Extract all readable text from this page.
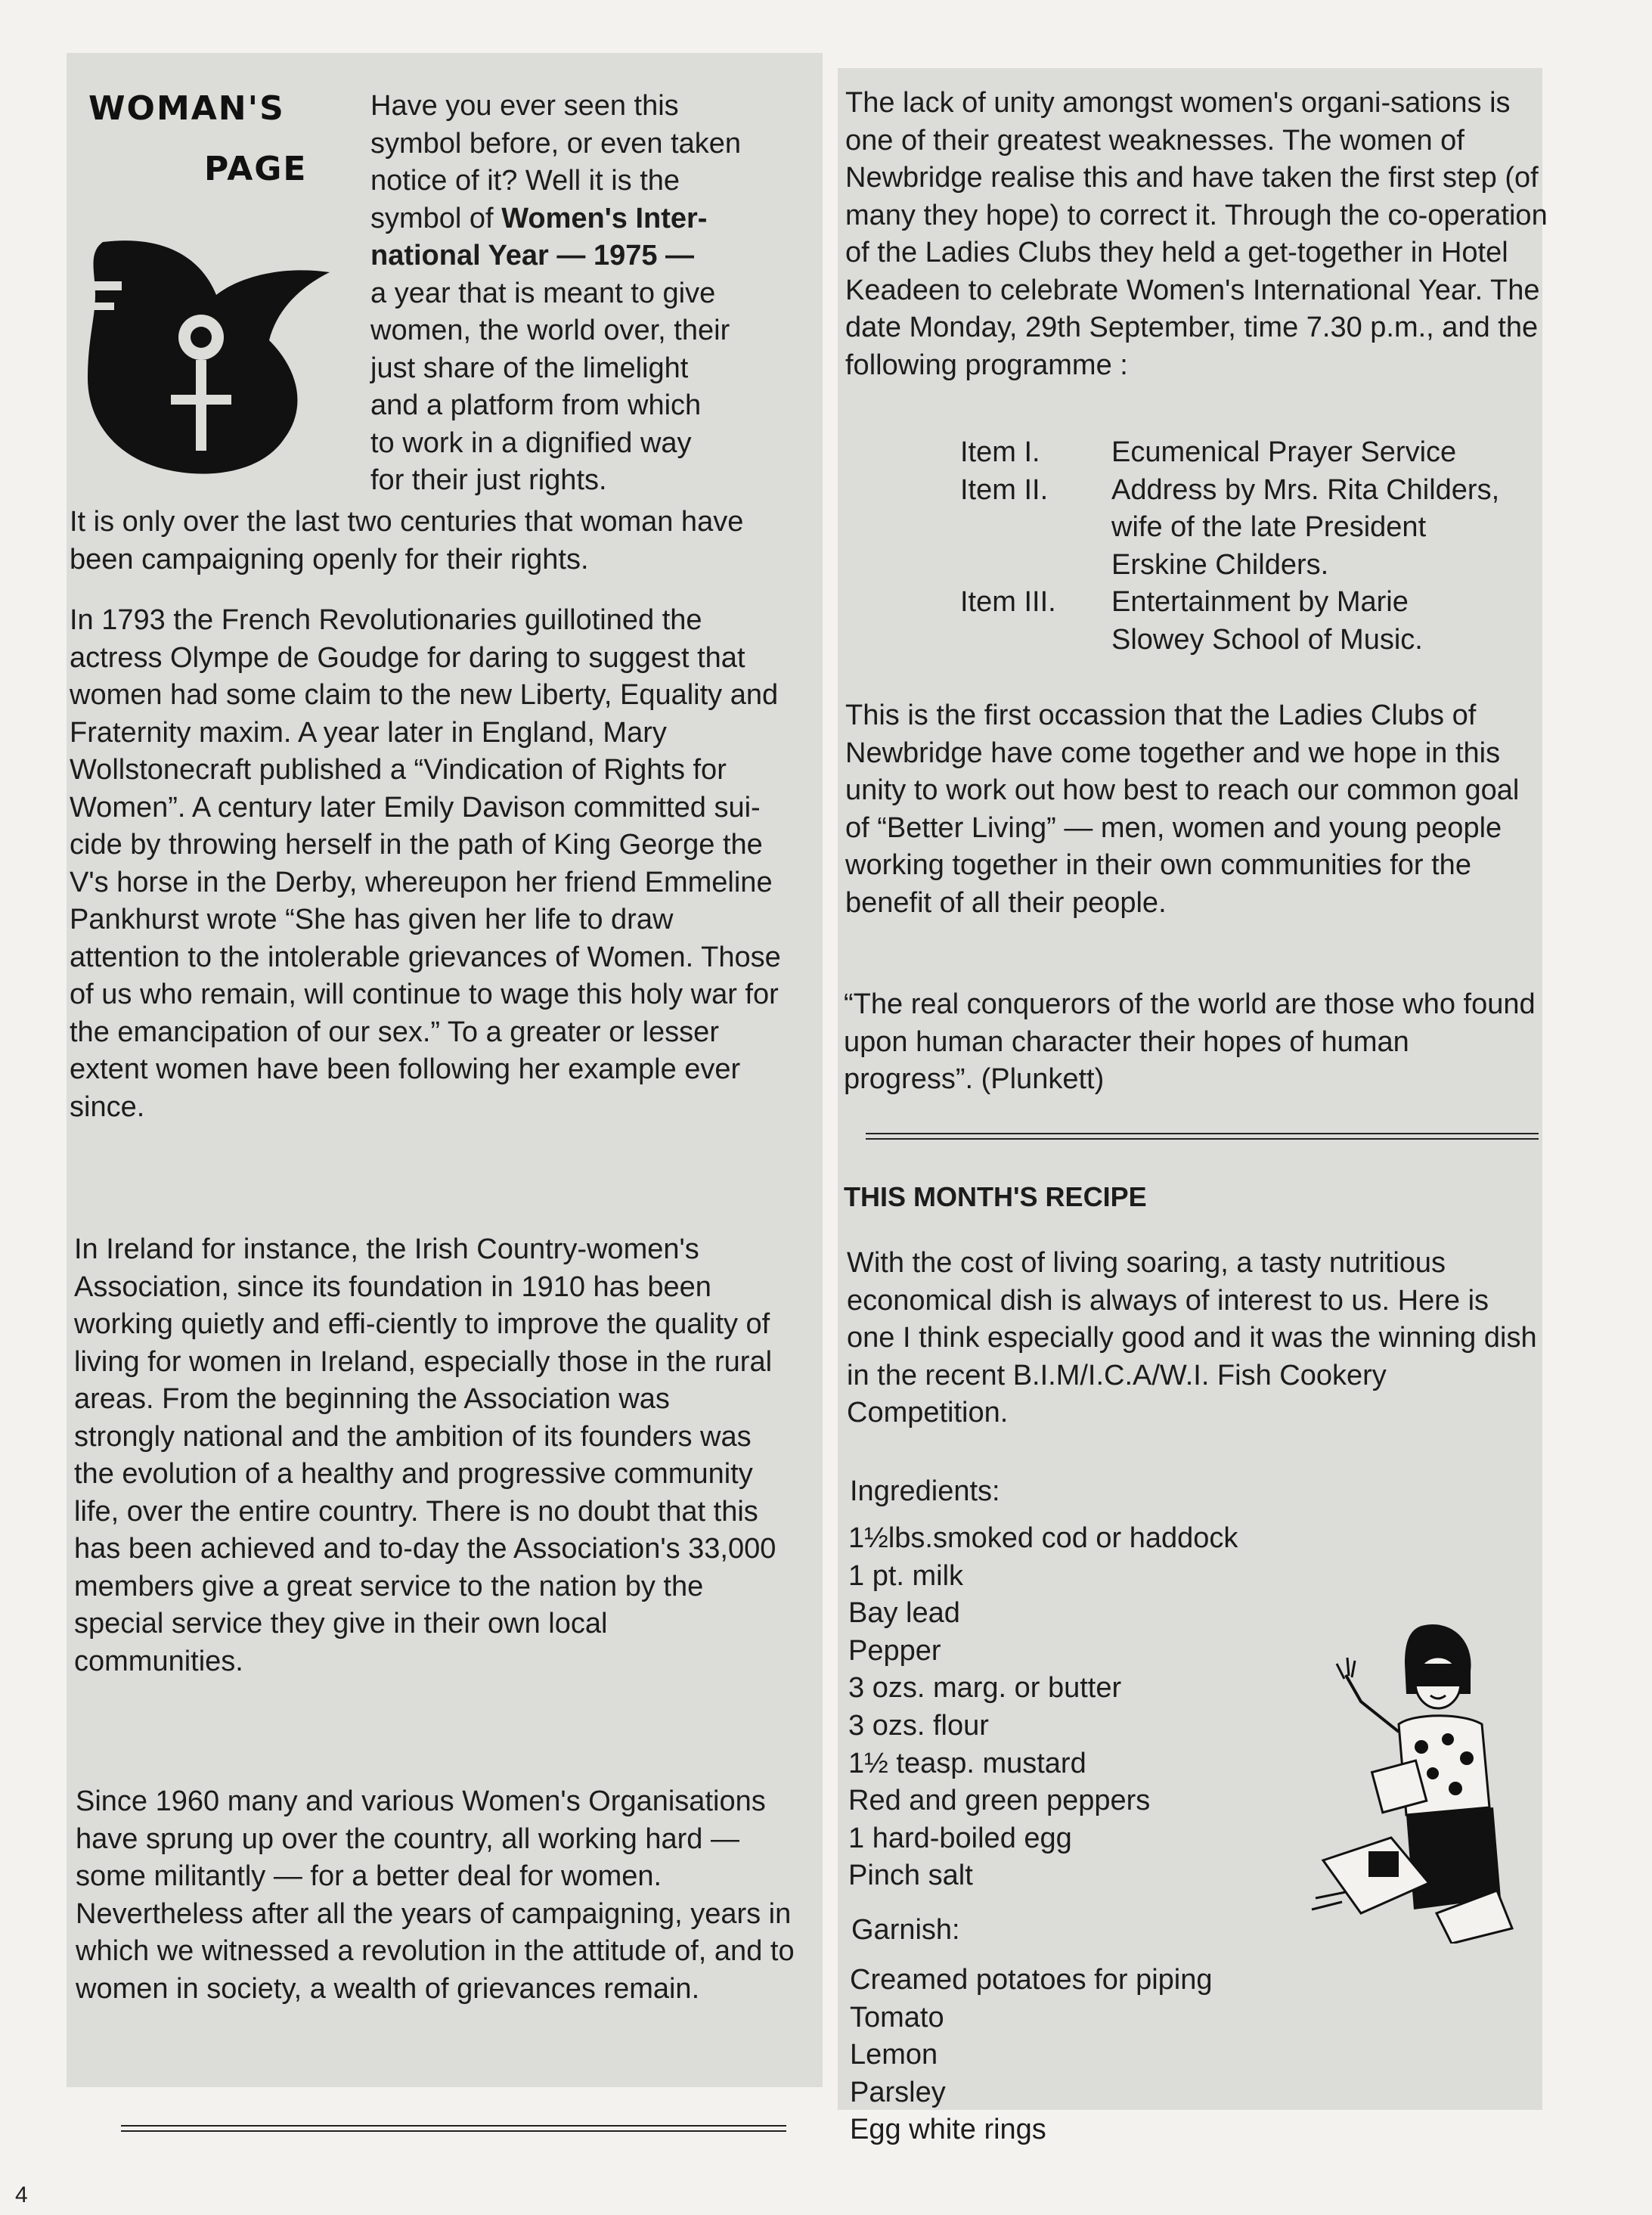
WOMAN'S
PAGE
Have you ever seen this
symbol before, or even taken
notice of it? Well it is the
symbol of Women's Inter-
national Year — 1975 —
a year that is meant to give
women, the world over, their
just share of the limelight
and a platform from which
to work in a dignified way
for their just rights.

It is only over the last two centuries that woman have been campaigning openly for their rights.

In 1793 the French Revolutionaries guillotined the actress Olympe de Goudge for daring to suggest that women had some claim to the new Liberty, Equality and Fraternity maxim. A year later in England, Mary Wollstonecraft published a “Vindication of Rights for Women”. A century later Emily Davison committed sui-cide by throwing herself in the path of King George the V's horse in the Derby, whereupon her friend Emmeline Pankhurst wrote “She has given her life to draw attention to the intolerable grievances of Women. Those of us who remain, will continue to wage this holy war for the emancipation of our sex.” To a greater or lesser extent women have been following her example ever since.

In Ireland for instance, the Irish Country-women's Association, since its foundation in 1910 has been working quietly and effi-ciently to improve the quality of living for women in Ireland, especially those in the rural areas. From the beginning the Association was strongly national and the ambition of its founders was the evolution of a healthy and progressive community life, over the entire country. There is no doubt that this has been achieved and to-day the Association's 33,000 members give a great service to the nation by the special service they give in their own local communities.

Since 1960 many and various Women's Organisations have sprung up over the country, all working hard — some militantly — for a better deal for women. Nevertheless after all the years of campaigning, years in which we witnessed a revolution in the attitude of, and to women in society, a wealth of grievances remain.

The lack of unity amongst women's organi-sations is one of their greatest weaknesses. The women of Newbridge realise this and have taken the first step (of many they hope) to correct it. Through the co-operation of the Ladies Clubs they held a get-together in Hotel Keadeen to celebrate Women's International Year. The date Monday, 29th September, time 7.30 p.m., and the following programme :

Item I.	Ecumenical Prayer Service
Item II.	Address by Mrs. Rita Childers, wife of the late President Erskine Childers.
Item III.	Entertainment by Marie Slowey School of Music.

This is the first occassion that the Ladies Clubs of Newbridge have come together and we hope in this unity to work out how best to reach our common goal of “Better Living” — men, women and young people working together in their own communities for the benefit of all their people.

“The real conquerors of the world are those who found upon human character their hopes of human progress”. (Plunkett)

THIS MONTH'S RECIPE

With the cost of living soaring, a tasty nutritious economical dish is always of interest to us. Here is one I think especially good and it was the winning dish in the recent B.I.M/I.C.A/W.I. Fish Cookery Competition.

Ingredients:
1½lbs.smoked cod or haddock
1 pt. milk
Bay lead
Pepper
3 ozs. marg. or butter
3 ozs. flour
1½ teasp. mustard
Red and green peppers
1 hard-boiled egg
Pinch salt
Garnish:
Creamed potatoes for piping
Tomato
Lemon
Parsley
Egg white rings
4
